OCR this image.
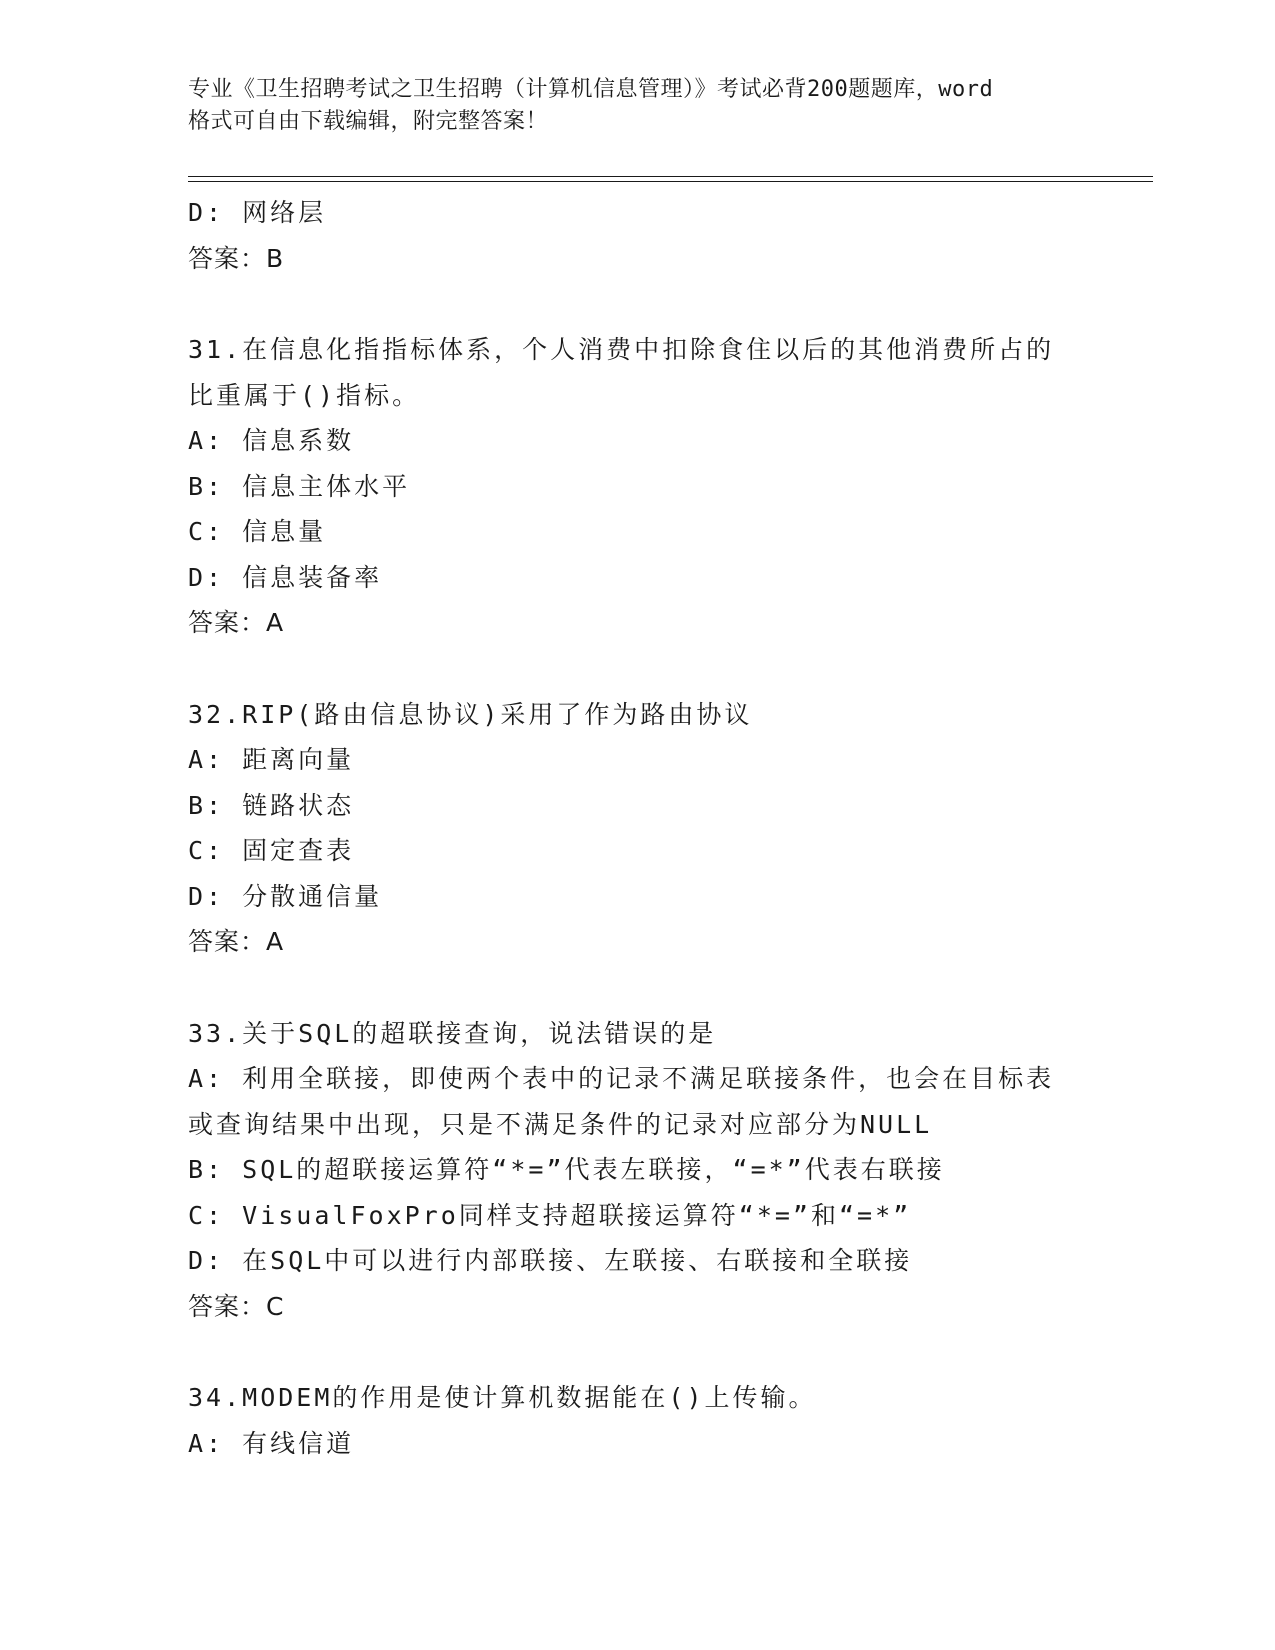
专业《卫生招聘考试之卫生招聘（计算机信息管理）》考试必背200题题库，word
格式可自由下载编辑，附完整答案！
D: 网络层
答案：B
31.在信息化指指标体系，个人消费中扣除食住以后的其他消费所占的
比重属于()指标。
A: 信息系数
B: 信息主体水平
C: 信息量
D: 信息装备率
答案：A
32.RIP(路由信息协议)采用了作为路由协议
A: 距离向量
B: 链路状态
C: 固定查表
D: 分散通信量
答案：A
33.关于SQL的超联接查询，说法错误的是
A: 利用全联接，即使两个表中的记录不满足联接条件，也会在目标表
或查询结果中出现，只是不满足条件的记录对应部分为NULL
B: SQL的超联接运算符“*=”代表左联接，“=*”代表右联接
C: VisualFoxPro同样支持超联接运算符“*=”和“=*”
D: 在SQL中可以进行内部联接、左联接、右联接和全联接
答案：C
34.MODEM的作用是使计算机数据能在()上传输。
A: 有线信道
